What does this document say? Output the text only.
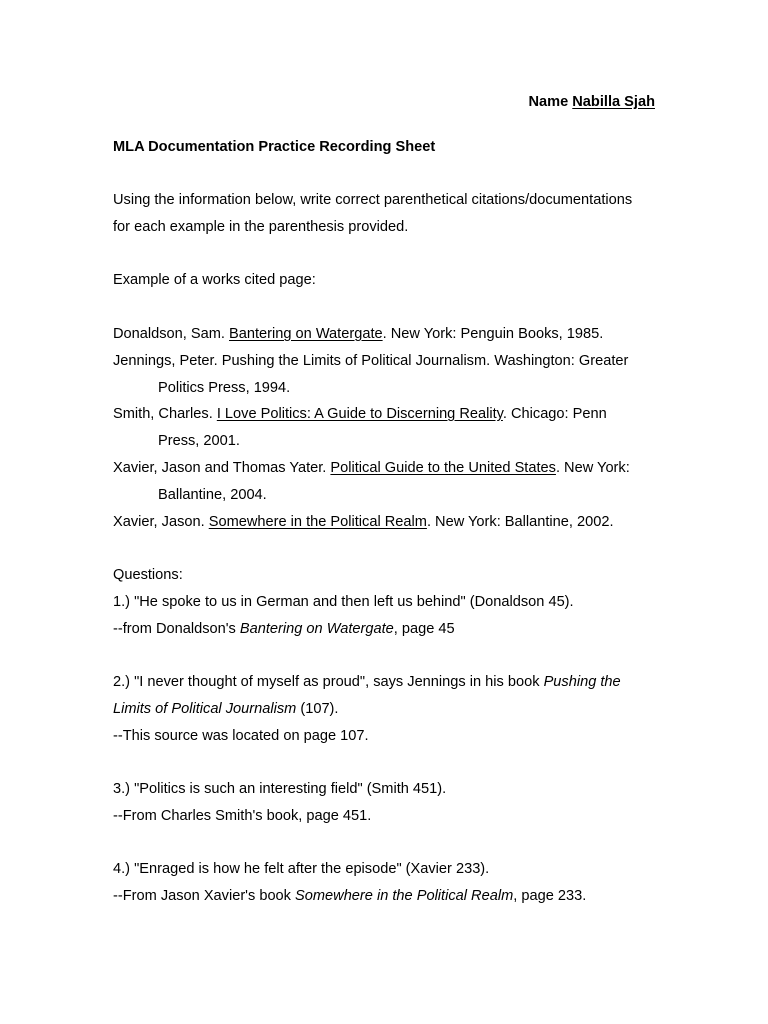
Name Nabilla Sjah
MLA Documentation Practice Recording Sheet
Using the information below, write correct parenthetical citations/documentations
for each example in the parenthesis provided.
Example of a works cited page:
Donaldson, Sam. Bantering on Watergate. New York: Penguin Books, 1985.
Jennings, Peter. Pushing the Limits of Political Journalism. Washington: Greater
Politics Press, 1994.
Smith, Charles. I Love Politics: A Guide to Discerning Reality. Chicago: Penn
Press, 2001.
Xavier, Jason and Thomas Yater. Political Guide to the United States. New York:
Ballantine, 2004.
Xavier, Jason. Somewhere in the Political Realm. New York: Ballantine, 2002.
Questions:
1.) "He spoke to us in German and then left us behind" (Donaldson 45).
--from Donaldson's Bantering on Watergate, page 45
2.) "I never thought of myself as proud", says Jennings in his book Pushing the
Limits of Political Journalism (107).
--This source was located on page 107.
3.) "Politics is such an interesting field" (Smith 451).
--From Charles Smith's book, page 451.
4.) "Enraged is how he felt after the episode" (Xavier 233).
--From Jason Xavier's book Somewhere in the Political Realm, page 233.
